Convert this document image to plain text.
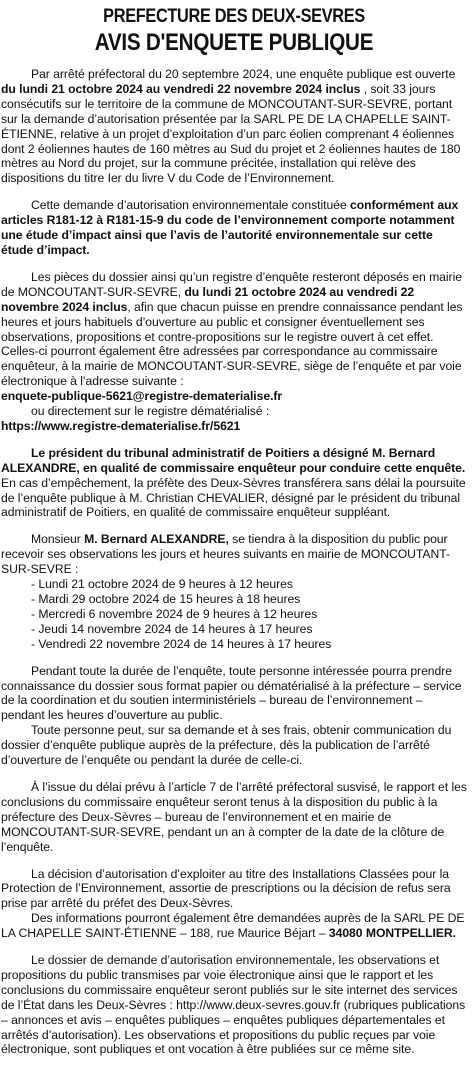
PREFECTURE DES DEUX-SEVRES
AVIS D'ENQUETE PUBLIQUE

Par arrêté préfectoral du 20 septembre 2024, une enquête publique est ouverte du lundi 21 octobre 2024 au vendredi 22 novembre 2024 inclus , soit 33 jours consécutifs sur le territoire de la commune de MONCOUTANT-SUR-SEVRE, portant sur la demande d’autorisation présentée par la SARL PE DE LA CHAPELLE SAINT-ÉTIENNE, relative à un projet d’exploitation d’un parc éolien comprenant 4 éoliennes dont 2 éoliennes hautes de 160 mètres au Sud du projet et 2 éoliennes hautes de 180 mètres au Nord du projet, sur la commune précitée, installation qui relève des dispositions du titre Ier du livre V du Code de l’Environnement.

Cette demande d’autorisation environnementale constituée conformément aux articles R181-12 à R181-15-9 du code de l’environnement comporte notamment une étude d’impact ainsi que l’avis de l’autorité environnementale sur cette étude d’impact.

Les pièces du dossier ainsi qu’un registre d’enquête resteront déposés en mairie de MONCOUTANT-SUR-SEVRE, du lundi 21 octobre 2024 au vendredi 22 novembre 2024 inclus, afin que chacun puisse en prendre connaissance pendant les heures et jours habituels d’ouverture au public et consigner éventuellement ses observations, propositions et contre-propositions sur le registre ouvert à cet effet.

Celles-ci pourront également être adressées par correspondance au commissaire enquêteur, à la mairie de MONCOUTANT-SUR-SEVRE, siège de l’enquête et par voie électronique à l’adresse suivante :

enquete-publique-5621@registre-dematerialise.fr

ou directement sur le registre dématérialisé :

https://www.registre-dematerialise.fr/5621

Le président du tribunal administratif de Poitiers a désigné M. Bernard ALEXANDRE, en qualité de commissaire enquêteur pour conduire cette enquête. En cas d’empêchement, la préfète des Deux-Sèvres transférera sans délai la poursuite de l’enquête publique à M. Christian CHEVALIER, désigné par le président du tribunal administratif de Poitiers, en qualité de commissaire enquêteur suppléant.

Monsieur M. Bernard ALEXANDRE, se tiendra à la disposition du public pour recevoir ses observations les jours et heures suivants en mairie de MONCOUTANT-SUR-SEVRE :

- Lundi 21 octobre 2024 de 9 heures à 12 heures

- Mardi 29 octobre 2024 de 15 heures à 18 heures

- Mercredi 6 novembre 2024 de 9 heures à 12 heures

- Jeudi 14 novembre 2024 de 14 heures à 17 heures

- Vendredi 22 novembre 2024 de 14 heures à 17 heures

Pendant toute la durée de l’enquête, toute personne intéressée pourra prendre connaissance du dossier sous format papier ou dématérialisé à la préfecture – service de la coordination et du soutien interministériels – bureau de l’environnement – pendant les heures d’ouverture au public.

Toute personne peut, sur sa demande et à ses frais, obtenir communication du dossier d’enquête publique auprès de la préfecture, dès la publication de l’arrêté d’ouverture de l’enquête ou pendant la durée de celle-ci.

À l’issue du délai prévu à l’article 7 de l’arrêté préfectoral susvisé, le rapport et les conclusions du commissaire enquêteur seront tenus à la disposition du public à la préfecture des Deux-Sèvres – bureau de l’environnement et en mairie de MONCOUTANT-SUR-SEVRE, pendant un an à compter de la date de la clôture de l’enquête.

La décision d’autorisation d’exploiter au titre des Installations Classées pour la Protection de l’Environnement, assortie de prescriptions ou la décision de refus sera prise par arrêté du préfet des Deux-Sèvres.

Des informations pourront également être demandées auprès de la SARL PE DE LA CHAPELLE SAINT-ÉTIENNE – 188, rue Maurice Béjart – 34080 MONTPELLIER.

Le dossier de demande d’autorisation environnementale, les observations et propositions du public transmises par voie électronique ainsi que le rapport et les conclusions du commissaire enquêteur seront publiés sur le site internet des services de l’État dans les Deux-Sèvres : http://www.deux-sevres.gouv.fr (rubriques publications – annonces et avis – enquêtes publiques – enquêtes publiques départementales et arrêtés d’autorisation). Les observations et propositions du public reçues par voie électronique, sont publiques et ont vocation à être publiées sur ce même site.
